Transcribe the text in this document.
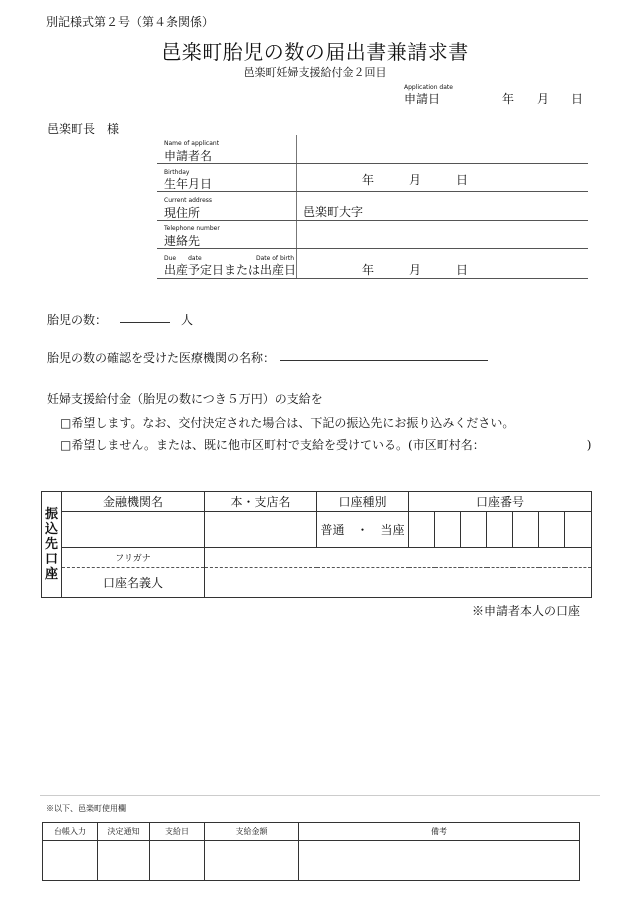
別記様式第２号（第４条関係）
邑楽町胎児の数の届出書兼請求書
邑楽町妊婦支援給付金２回目
Application date
申請日	年 月 日
邑楽町長　様
Name of applicant
申請者名
Birthday
生年月日	年	月	日
Current address
現住所	邑楽町大字
Telephone number
連絡先
Due　　date	Date of birth
出産予定日または出産日	年	月	日
胎児の数：	人
胎児の数の確認を受けた医療機関の名称：
妊婦支援給付金（胎児の数につき５万円）の支給を
□希望します。なお、交付決定された場合は、下記の振込先にお振り込みください。
□希望しません。または、既に他市区町村で支給を受けている。(市区町村名：　　　　　　　　　)
振
込
先
口
座	金融機関名	本・支店名	口座種別	口座番号						
			普通　・　当座							
	フリガナ									
	口座名義人									
※申請者本人の口座
※以下、邑楽町使用欄
台帳入力	決定通知	支給日	支給金額	備考
